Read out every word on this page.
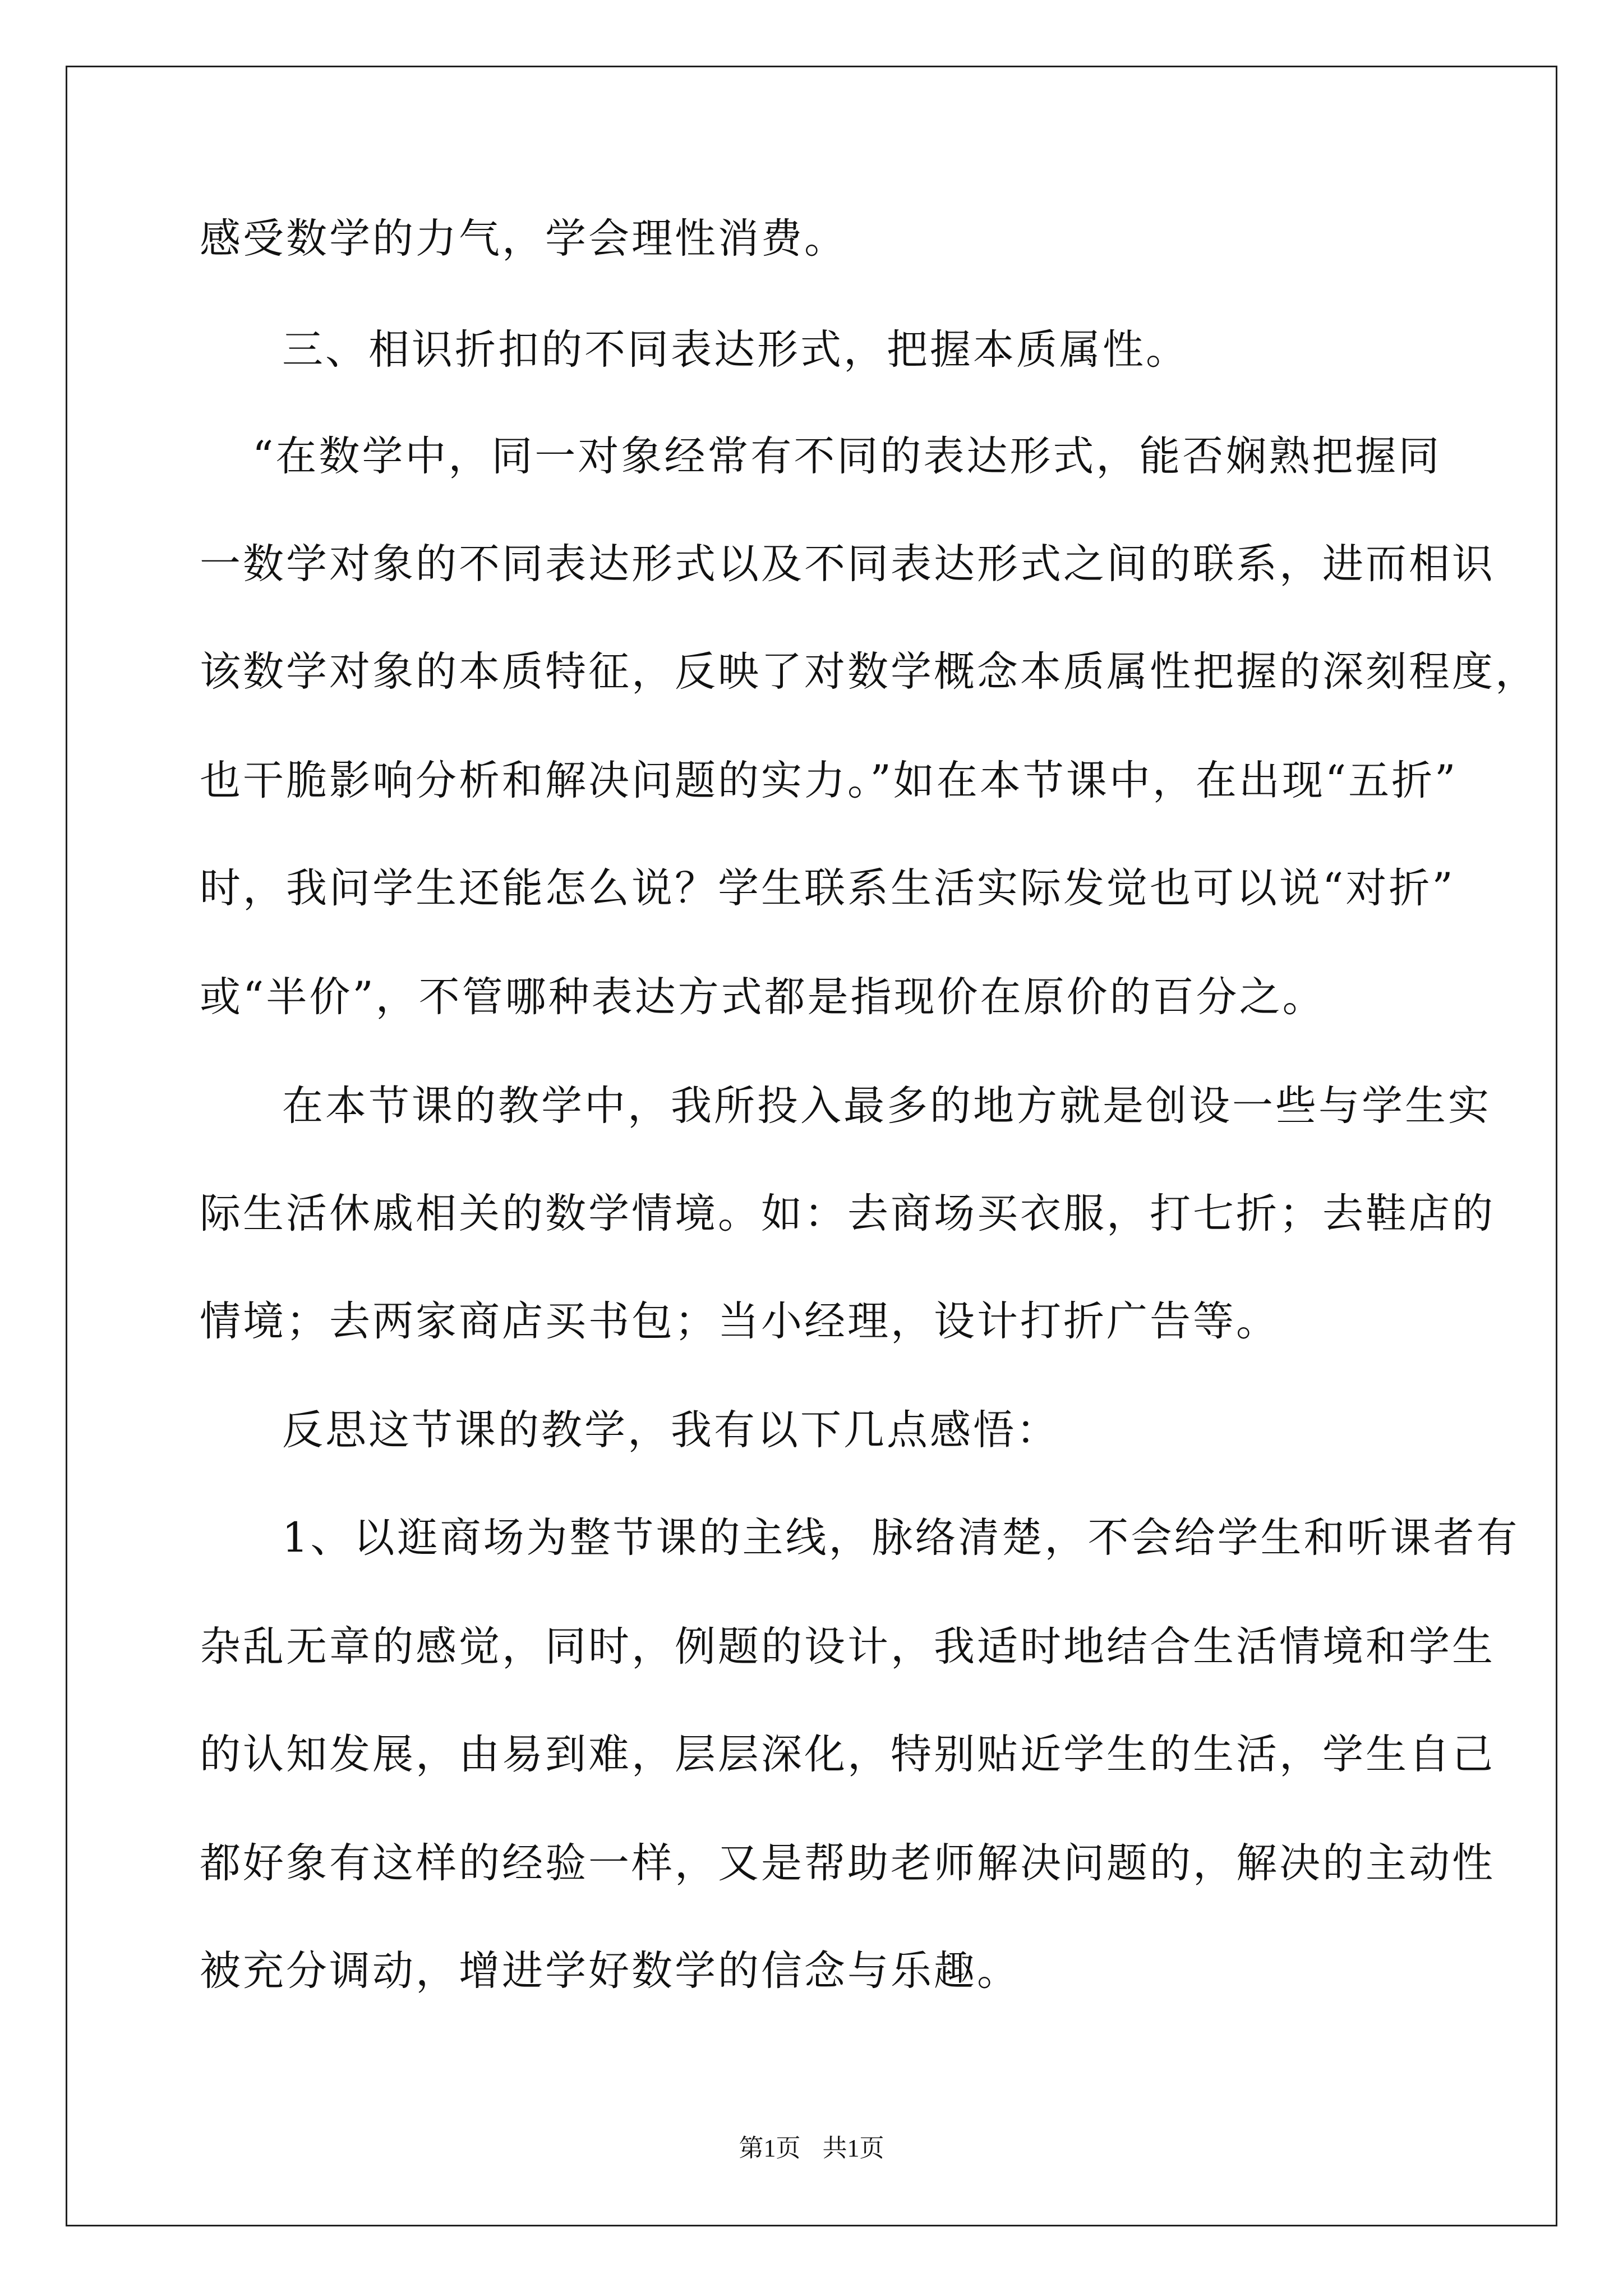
感受数学的力气，学会理性消费。

三、相识折扣的不同表达形式，把握本质属性。

“在数学中，同一对象经常有不同的表达形式，能否娴熟把握同

一数学对象的不同表达形式以及不同表达形式之间的联系，进而相识

该数学对象的本质特征，反映了对数学概念本质属性把握的深刻程度，

也干脆影响分析和解决问题的实力。”如在本节课中，在出现“五折”

时，我问学生还能怎么说？学生联系生活实际发觉也可以说“对折”

或“半价”，不管哪种表达方式都是指现价在原价的百分之。

在本节课的教学中，我所投入最多的地方就是创设一些与学生实

际生活休戚相关的数学情境。如：去商场买衣服，打七折；去鞋店的

情境；去两家商店买书包；当小经理，设计打折广告等。

反思这节课的教学，我有以下几点感悟：

1、以逛商场为整节课的主线，脉络清楚，不会给学生和听课者有

杂乱无章的感觉，同时，例题的设计，我适时地结合生活情境和学生

的认知发展，由易到难，层层深化，特别贴近学生的生活，学生自己

都好象有这样的经验一样，又是帮助老师解决问题的，解决的主动性

被充分调动，增进学好数学的信念与乐趣。

第1页 共1页
